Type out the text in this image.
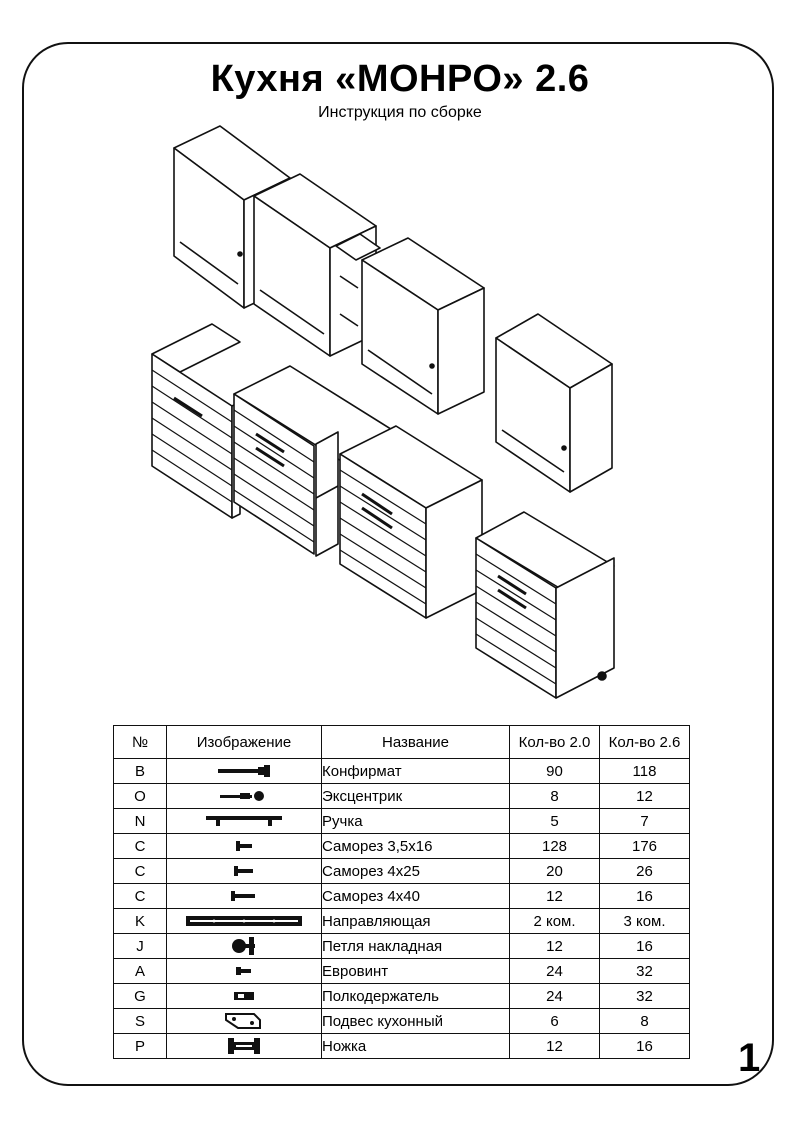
Кухня «МОНРО» 2.6
Инструкция по сборке
№	Изображение	Название	Кол-во 2.0	Кол-во 2.6
B		Конфирмат	90	118
O		Эксцентрик	8	12
N		Ручка	5	7
C		Саморез 3,5х16	128	176
C		Саморез 4х25	20	26
C		Саморез 4х40	12	16
K		Направляющая	2 ком.	3 ком.
J		Петля накладная	12	16
A		Евровинт	24	32
G		Полкодержатель	24	32
S		Подвес кухонный	6	8
P		Ножка	12	16 1
